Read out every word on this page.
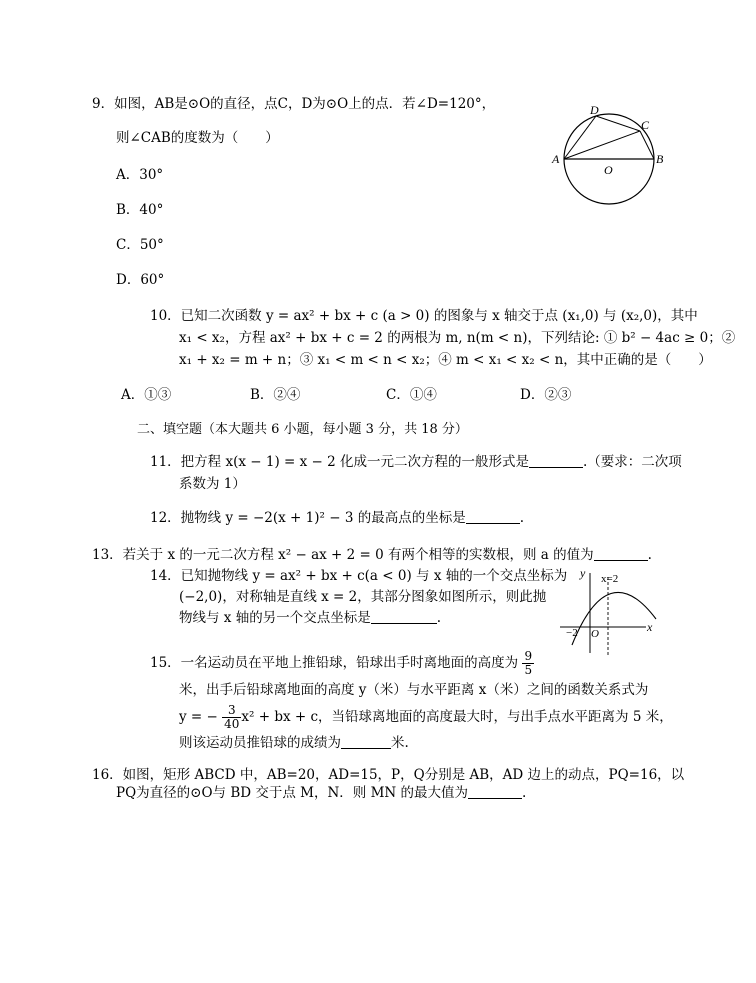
9．如图，AB是⊙O的直径，点C，D为⊙O上的点．若∠D=120°，
则∠CAB的度数为（　　）
A．30°
B．40°
C．50°
D．60°
A	B
C
D
O
10．已知二次函数 y = ax² + bx + c (a > 0) 的图象与 x 轴交于点 (x₁,0) 与 (x₂,0)，其中
x₁ < x₂，方程 ax² + bx + c = 2 的两根为 m, n(m < n)，下列结论: ① b² − 4ac ≥ 0；②
x₁ + x₂ = m + n；③ x₁ < m < n < x₂；④ m < x₁ < x₂ < n，其中正确的是（　　）
A．①③	B．②④	C．①④	D．②③
二、填空题（本大题共 6 小题，每小题 3 分，共 18 分）
11．把方程 x(x − 1) = x − 2 化成一元二次方程的一般形式是	.（要求：二次项
系数为 1）
12．抛物线 y = −2(x + 1)² − 3 的最高点的坐标是	.
13．若关于 x 的一元二次方程 x² − ax + 2 = 0 有两个相等的实数根，则 a 的值为	.
14．已知抛物线 y = ax² + bx + c(a < 0) 与 x 轴的一个交点坐标为
(−2,0)，对称轴是直线 x = 2，其部分图象如图所示，则此抛
物线与 x 轴的另一个交点坐标是	.
y x=2
−2 O	x
15．一名运动员在平地上推铅球，铅球出手时离地面的高度为 $\frac{9}{5}$
米，出手后铅球离地面的高度 y（米）与水平距离 x（米）之间的函数关系式为
y = − $\frac{3}{40} x^2$ + bx + c，当铅球离地面的高度最大时，与出手点水平距离为 5 米，
则该运动员推铅球的成绩为	米.
16．如图，矩形 ABCD 中，AB=20，AD=15，P，Q分别是 AB，AD 边上的动点，PQ=16，以
PQ为直径的⊙O与 BD 交于点 M，N．则 MN 的最大值为	.
